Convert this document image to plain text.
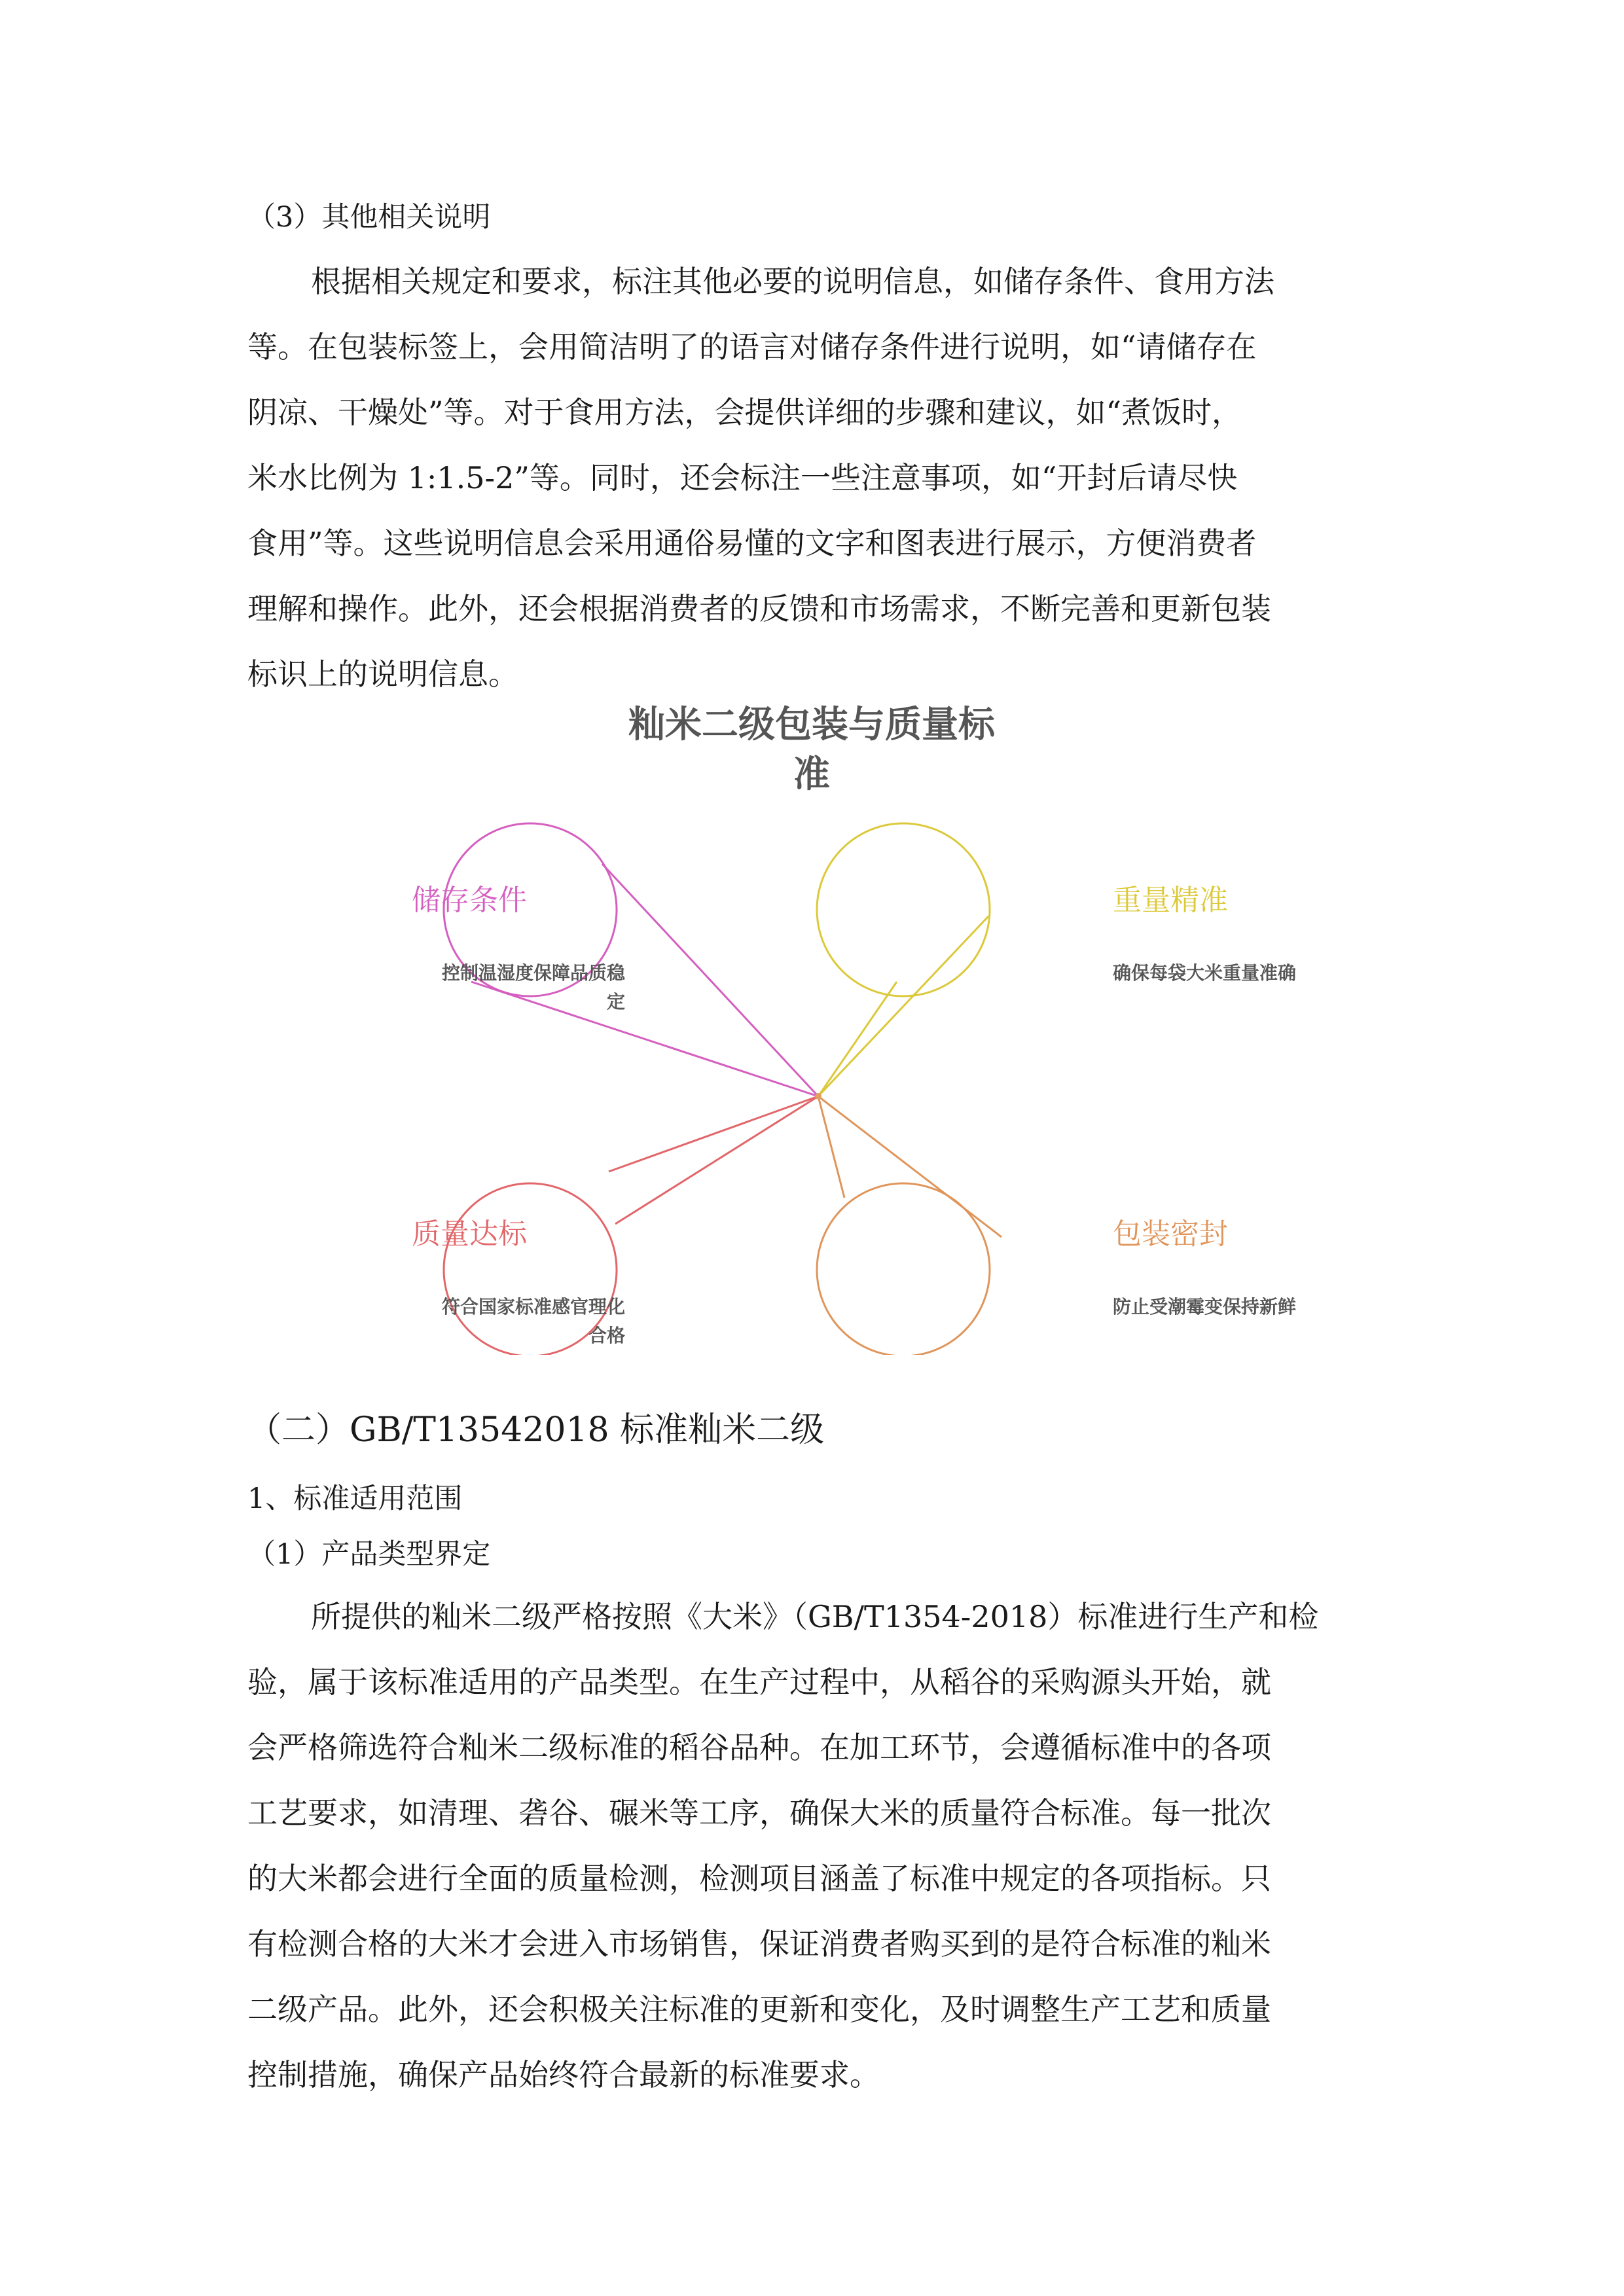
（3）其他相关说明
根据相关规定和要求，标注其他必要的说明信息，如储存条件、食用方法
等。在包装标签上，会用简洁明了的语言对储存条件进行说明，如“请储存在
阴凉、干燥处”等。对于食用方法，会提供详细的步骤和建议，如“煮饭时，
米水比例为 1:1.5-2”等。同时，还会标注一些注意事项，如“开封后请尽快
食用”等。这些说明信息会采用通俗易懂的文字和图表进行展示，方便消费者
理解和操作。此外，还会根据消费者的反馈和市场需求，不断完善和更新包装
标识上的说明信息。
籼米二级包装与质量标
准
储存条件
控制温湿度保障品质稳
定
重量精准
确保每袋大米重量准确
质量达标
符合国家标准感官理化
合格
包装密封
防止受潮霉变保持新鲜
（二）GB/T13542018 标准籼米二级
1、标准适用范围
（1）产品类型界定
所提供的籼米二级严格按照《大米》（GB/T1354-2018）标准进行生产和检
验，属于该标准适用的产品类型。在生产过程中，从稻谷的采购源头开始，就
会严格筛选符合籼米二级标准的稻谷品种。在加工环节，会遵循标准中的各项
工艺要求，如清理、砻谷、碾米等工序，确保大米的质量符合标准。每一批次
的大米都会进行全面的质量检测，检测项目涵盖了标准中规定的各项指标。只
有检测合格的大米才会进入市场销售，保证消费者购买到的是符合标准的籼米
二级产品。此外，还会积极关注标准的更新和变化，及时调整生产工艺和质量
控制措施，确保产品始终符合最新的标准要求。
